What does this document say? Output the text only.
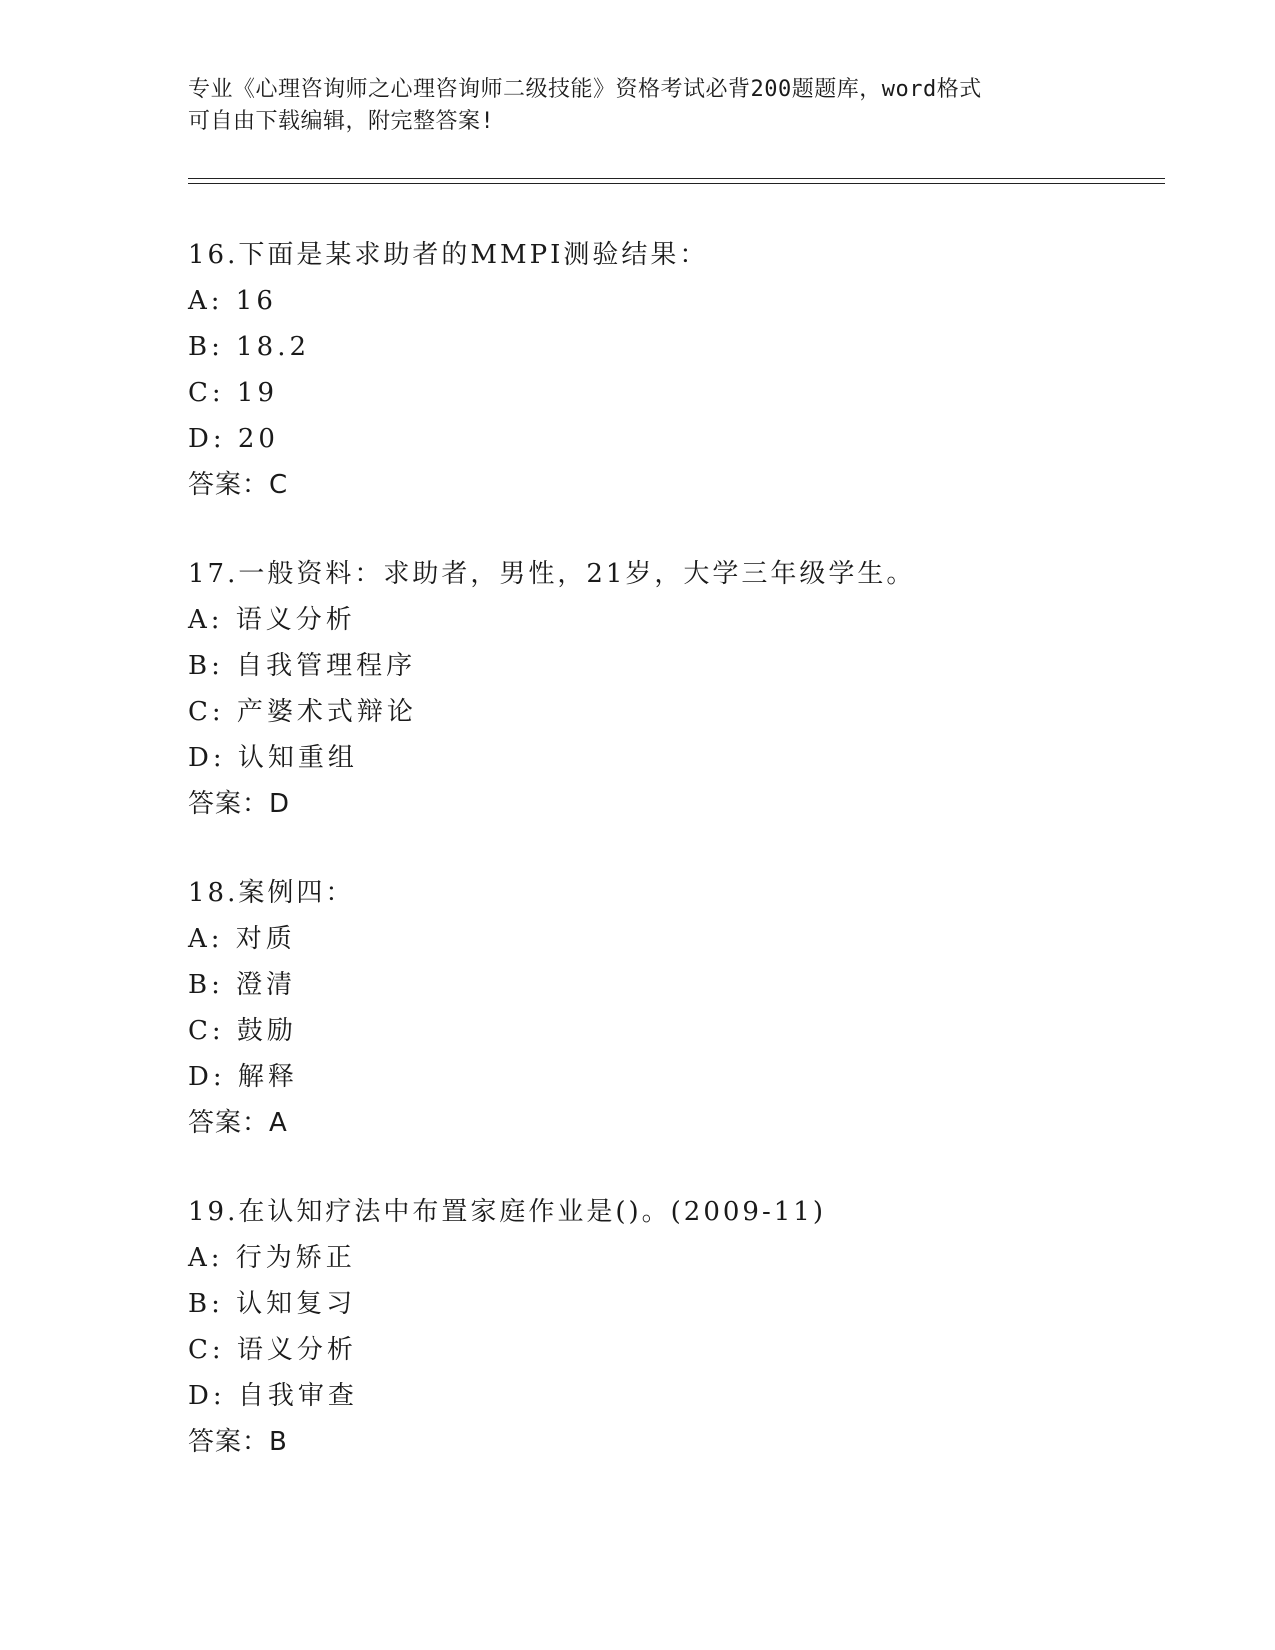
专业《心理咨询师之心理咨询师二级技能》资格考试必背200题题库，word格式
可自由下载编辑，附完整答案!
16.下面是某求助者的MMPI测验结果：
A: 16
B: 18.2
C: 19
D: 20
答案：C
17.一般资料：求助者，男性，21岁，大学三年级学生。
A: 语义分析
B: 自我管理程序
C: 产婆术式辩论
D: 认知重组
答案：D
18.案例四：
A: 对质
B: 澄清
C: 鼓励
D: 解释
答案：A
19.在认知疗法中布置家庭作业是()。(2009-11)
A: 行为矫正
B: 认知复习
C: 语义分析
D: 自我审查
答案：B
